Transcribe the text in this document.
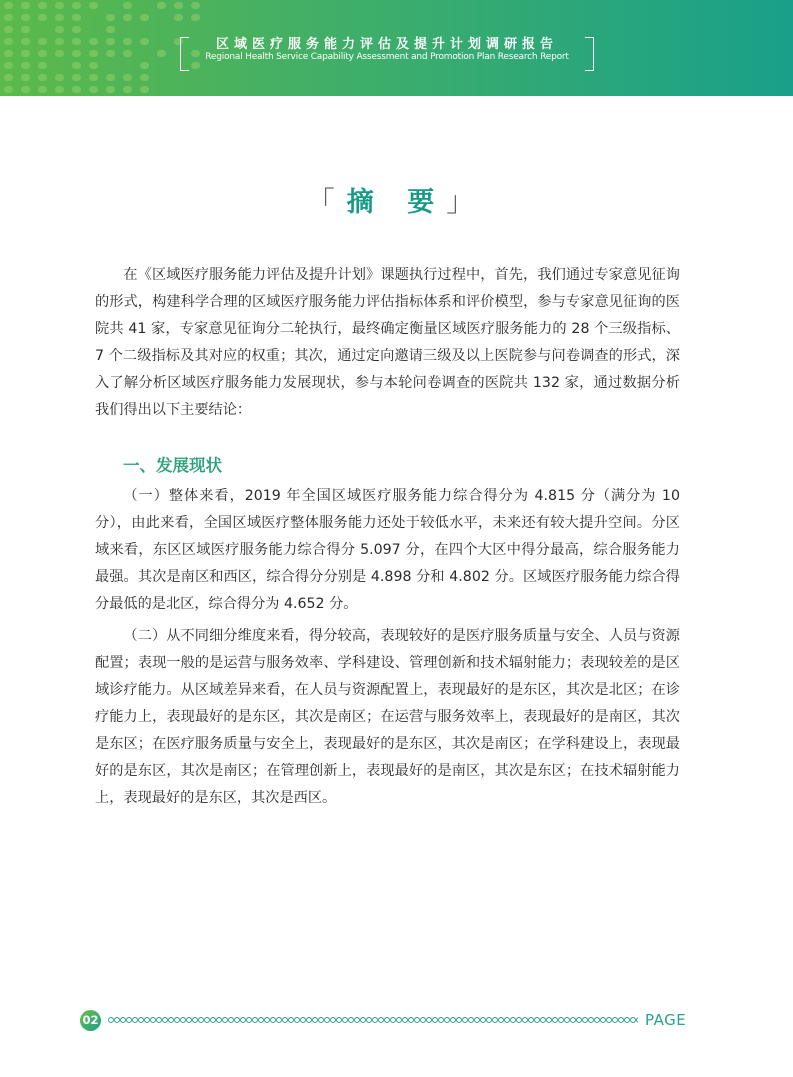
区域医疗服务能力评估及提升计划调研报告
Regional Health Service Capability Assessment and Promotion Plan Research Report
「摘 要」

在《区域医疗服务能力评估及提升计划》课题执行过程中，首先，我们通过专家意见征询的形式，构建科学合理的区域医疗服务能力评估指标体系和评价模型，参与专家意见征询的医院共 41 家，专家意见征询分二轮执行，最终确定衡量区域医疗服务能力的 28 个三级指标、7 个二级指标及其对应的权重；其次，通过定向邀请三级及以上医院参与问卷调查的形式，深入了解分析区域医疗服务能力发展现状，参与本轮问卷调查的医院共 132 家，通过数据分析我们得出以下主要结论：

一、发展现状

（一）整体来看，2019 年全国区域医疗服务能力综合得分为 4.815 分（满分为 10 分），由此来看，全国区域医疗整体服务能力还处于较低水平，未来还有较大提升空间。分区域来看，东区区域医疗服务能力综合得分 5.097 分，在四个大区中得分最高，综合服务能力最强。其次是南区和西区，综合得分分别是 4.898 分和 4.802 分。区域医疗服务能力综合得分最低的是北区，综合得分为 4.652 分。

（二）从不同细分维度来看，得分较高，表现较好的是医疗服务质量与安全、人员与资源配置；表现一般的是运营与服务效率、学科建设、管理创新和技术辐射能力；表现较差的是区域诊疗能力。从区域差异来看，在人员与资源配置上，表现最好的是东区，其次是北区；在诊疗能力上，表现最好的是东区，其次是南区；在运营与服务效率上，表现最好的是南区，其次是东区；在医疗服务质量与安全上，表现最好的是东区，其次是南区；在学科建设上，表现最好的是东区，其次是南区；在管理创新上，表现最好的是南区，其次是东区；在技术辐射能力上，表现最好的是东区，其次是西区。

02	PAGE
